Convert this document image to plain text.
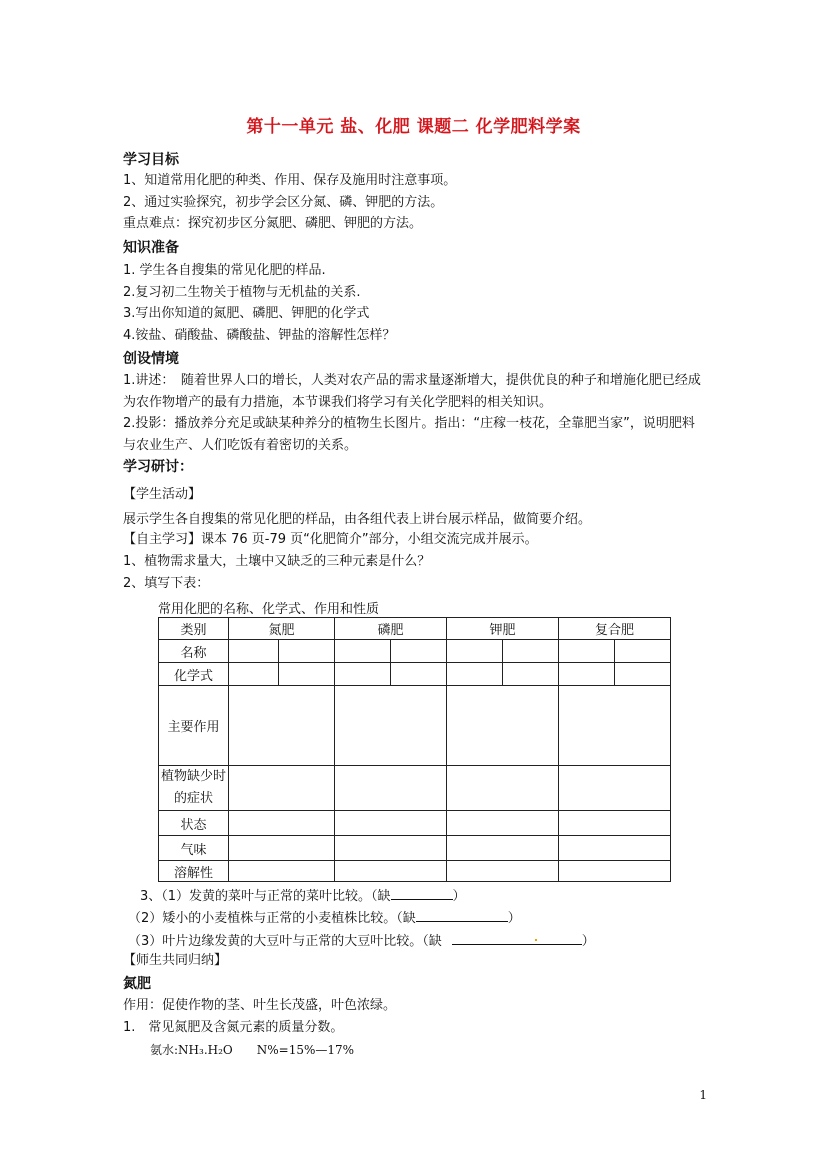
第十一单元 盐、化肥 课题二 化学肥料学案
学习目标
1、知道常用化肥的种类、作用、保存及施用时注意事项。
2、通过实验探究，初步学会区分氮、磷、钾肥的方法。
重点难点：探究初步区分氮肥、磷肥、钾肥的方法。
知识准备
1. 学生各自搜集的常见化肥的样品.
2.复习初二生物关于植物与无机盐的关系.
3.写出你知道的氮肥、磷肥、钾肥的化学式
4.铵盐、硝酸盐、磷酸盐、钾盐的溶解性怎样？
创设情境
1.讲述：　随着世界人口的增长，人类对农产品的需求量逐渐增大，提供优良的种子和增施化肥已经成为农作物增产的最有力措施，本节课我们将学习有关化学肥料的相关知识。
2.投影：播放养分充足或缺某种养分的植物生长图片。指出：“庄稼一枝花，全靠肥当家”，说明肥料与农业生产、人们吃饭有着密切的关系。
学习研讨：
【学生活动】
展示学生各自搜集的常见化肥的样品，由各组代表上讲台展示样品，做简要介绍。
【自主学习】课本 76 页-79 页“化肥简介”部分，小组交流完成并展示。
1、植物需求量大，土壤中又缺乏的三种元素是什么？
2、填写下表：
常用化肥的名称、化学式、作用和性质
类别	氮肥		磷肥		钾肥		复合肥	
名称								
化学式								
主要作用								
植物缺少时的症状								
状态								
气味								
溶解性								
3、（1）发黄的菜叶与正常的菜叶比较。（缺	）
（2）矮小的小麦植株与正常的小麦植株比较。（缺	）
（3）叶片边缘发黄的大豆叶与正常的大豆叶比较。（缺	）
【师生共同归纳】
氮肥
作用：促使作物的茎、叶生长茂盛，叶色浓绿。
1.　常见氮肥及含氮元素的质量分数。
氨水:NH₃.H₂O　　N%=15%—17%
1
